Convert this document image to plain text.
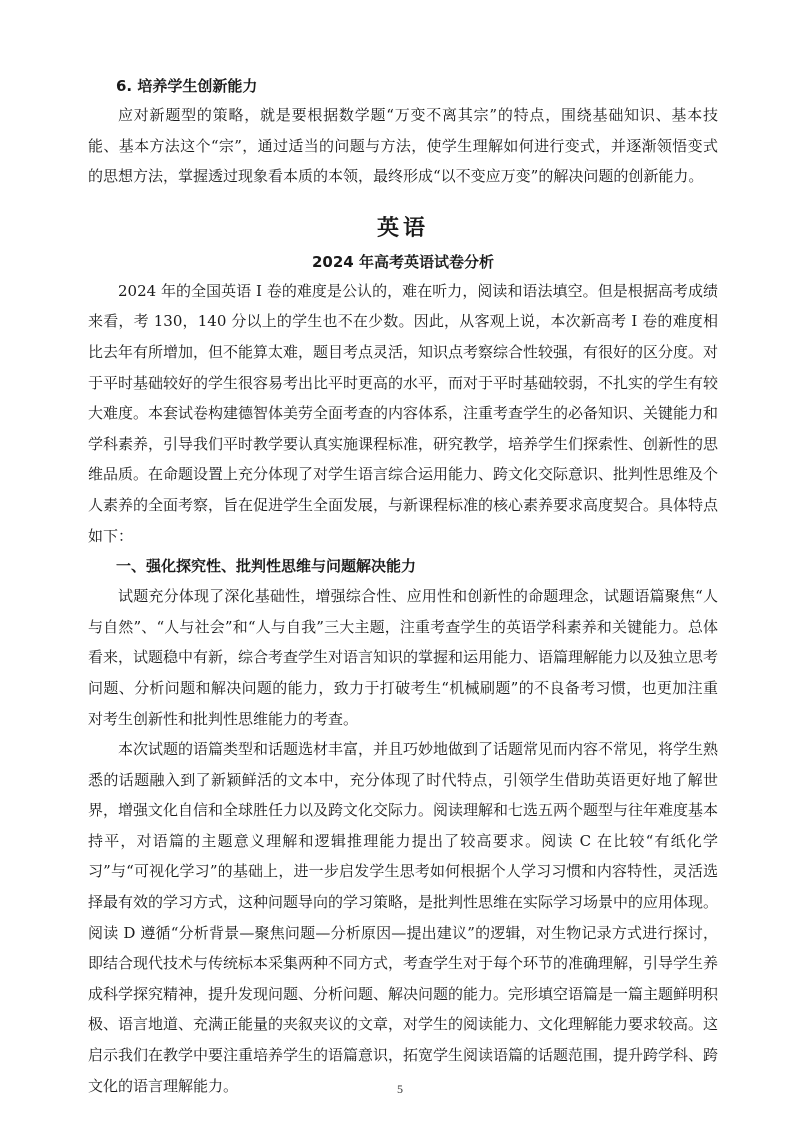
6. 培养学生创新能力

应对新题型的策略，就是要根据数学题“万变不离其宗”的特点，围绕基础知识、基本技能、基本方法这个“宗”，通过适当的问题与方法，使学生理解如何进行变式，并逐渐领悟变式的思想方法，掌握透过现象看本质的本领，最终形成“以不变应万变”的解决问题的创新能力。

英语
2024 年高考英语试卷分析

2024 年的全国英语 I 卷的难度是公认的，难在听力，阅读和语法填空。但是根据高考成绩来看，考 130，140 分以上的学生也不在少数。因此，从客观上说，本次新高考 I 卷的难度相比去年有所增加，但不能算太难，题目考点灵活，知识点考察综合性较强，有很好的区分度。对于平时基础较好的学生很容易考出比平时更高的水平，而对于平时基础较弱，不扎实的学生有较大难度。本套试卷构建德智体美劳全面考查的内容体系，注重考查学生的必备知识、关键能力和学科素养，引导我们平时教学要认真实施课程标准，研究教学，培养学生们探索性、创新性的思维品质。在命题设置上充分体现了对学生语言综合运用能力、跨文化交际意识、批判性思维及个人素养的全面考察，旨在促进学生全面发展，与新课程标准的核心素养要求高度契合。具体特点如下：

一、强化探究性、批判性思维与问题解决能力

试题充分体现了深化基础性，增强综合性、应用性和创新性的命题理念，试题语篇聚焦“人与自然”、“人与社会”和“人与自我”三大主题，注重考查学生的英语学科素养和关键能力。总体看来，试题稳中有新，综合考查学生对语言知识的掌握和运用能力、语篇理解能力以及独立思考问题、分析问题和解决问题的能力，致力于打破考生“机械刷题”的不良备考习惯，也更加注重对考生创新性和批判性思维能力的考查。

本次试题的语篇类型和话题选材丰富，并且巧妙地做到了话题常见而内容不常见，将学生熟悉的话题融入到了新颖鲜活的文本中，充分体现了时代特点，引领学生借助英语更好地了解世界，增强文化自信和全球胜任力以及跨文化交际力。阅读理解和七选五两个题型与往年难度基本持平，对语篇的主题意义理解和逻辑推理能力提出了较高要求。阅读 C 在比较“有纸化学习”与“可视化学习”的基础上，进一步启发学生思考如何根据个人学习习惯和内容特性，灵活选择最有效的学习方式，这种问题导向的学习策略，是批判性思维在实际学习场景中的应用体现。阅读 D 遵循“分析背景—聚焦问题—分析原因—提出建议”的逻辑，对生物记录方式进行探讨，即结合现代技术与传统标本采集两种不同方式，考查学生对于每个环节的准确理解，引导学生养成科学探究精神，提升发现问题、分析问题、解决问题的能力。完形填空语篇是一篇主题鲜明积极、语言地道、充满正能量的夹叙夹议的文章，对学生的阅读能力、文化理解能力要求较高。这启示我们在教学中要注重培养学生的语篇意识，拓宽学生阅读语篇的话题范围，提升跨学科、跨文化的语言理解能力。	5
